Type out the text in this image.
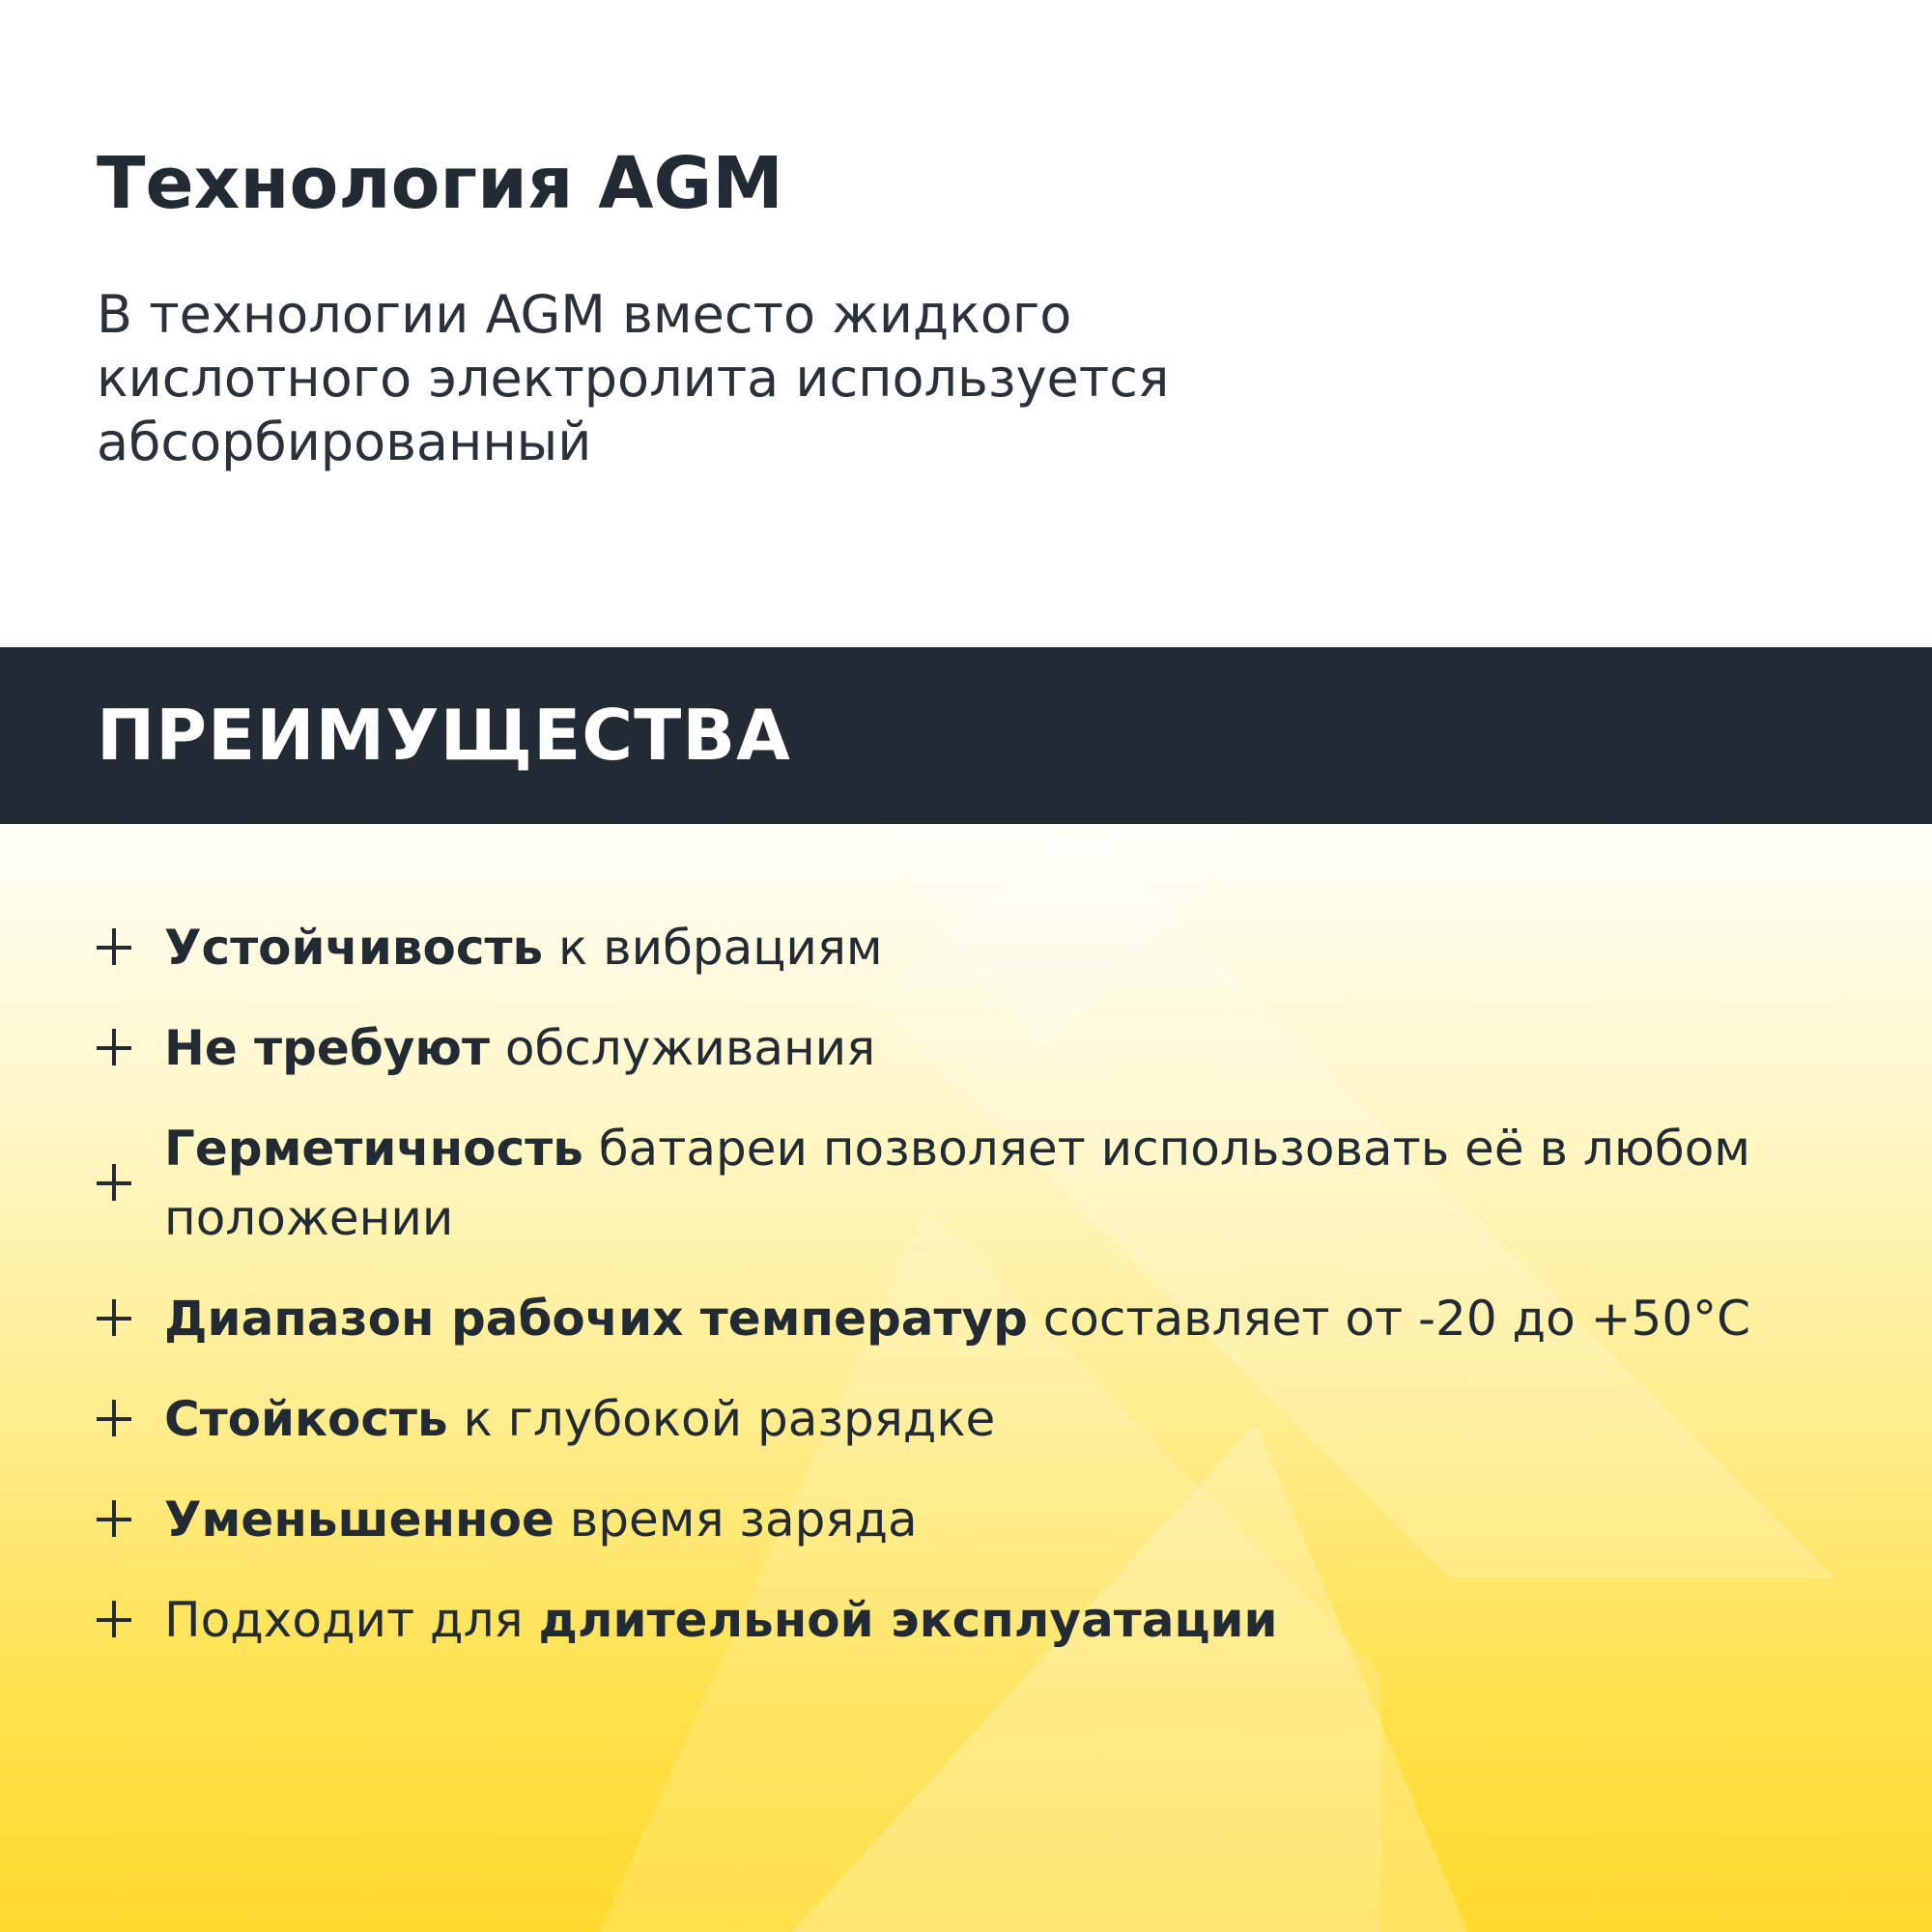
Технология AGM

В технологии AGM вместо жидкого кислотного электролита используется абсорбированный

ПРЕИМУЩЕСТВА
Устойчивость к вибрациям
Не требуют обслуживания
Герметичность батареи позволяет использовать её в любом положении
Диапазон рабочих температур составляет от -20 до +50°C
Стойкость к глубокой разрядке
Уменьшенное время заряда
Подходит для длительной эксплуатации
